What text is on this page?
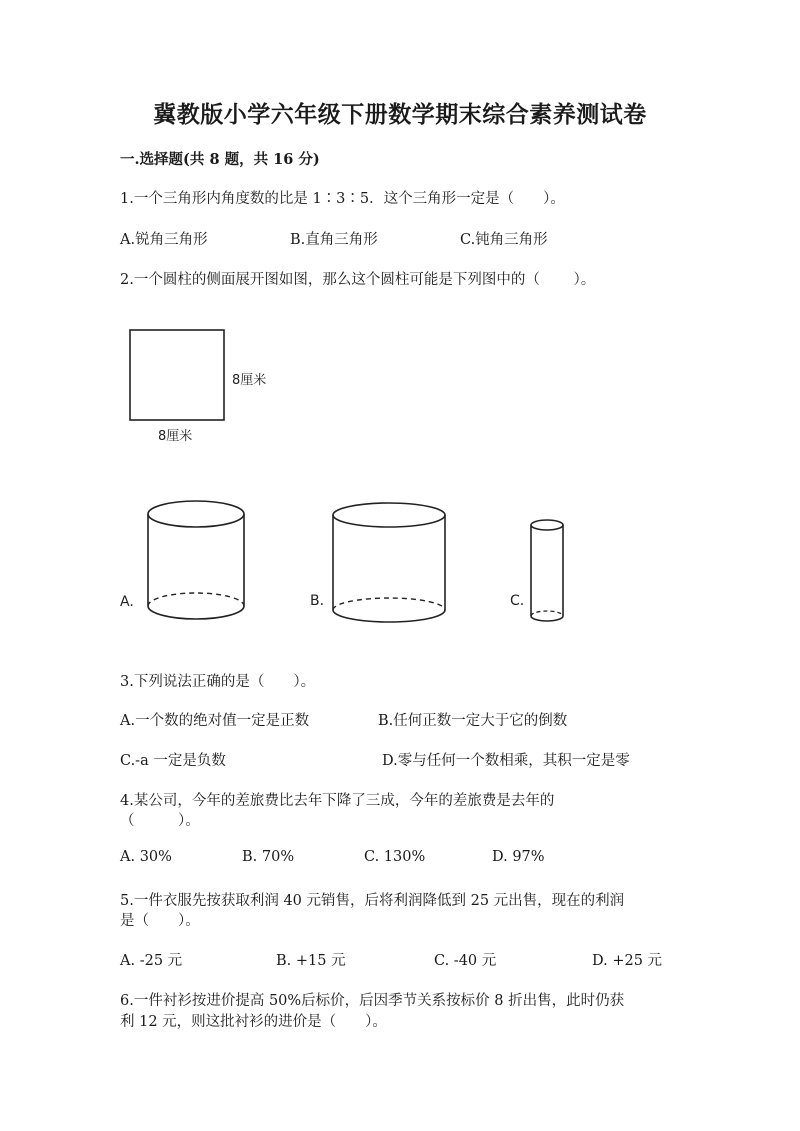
冀教版小学六年级下册数学期末综合素养测试卷
一.选择题(共 8 题，共 16 分)
1.一个三角形内角度数的比是 1∶3∶5．这个三角形一定是（　　）。
A.锐角三角形	B.直角三角形	C.钝角三角形
2.一个圆柱的侧面展开图如图，那么这个圆柱可能是下列图中的（　　 ）。
8厘米
8厘米
A.	B.	C.
3.下列说法正确的是（　　）。
A.一个数的绝对值一定是正数	B.任何正数一定大于它的倒数
C.-a 一定是负数	D.零与任何一个数相乘，其积一定是零
4.某公司，今年的差旅费比去年下降了三成，今年的差旅费是去年的
（　　　）。
A. 30%	B. 70%	C. 130%	D. 97%
5.一件衣服先按获取利润 40 元销售，后将利润降低到 25 元出售，现在的利润
是（　　）。
A. -25 元	B. +15 元	C. -40 元	D. +25 元
6.一件衬衫按进价提高 50%后标价，后因季节关系按标价 8 折出售，此时仍获
利 12 元，则这批衬衫的进价是（　　）。
